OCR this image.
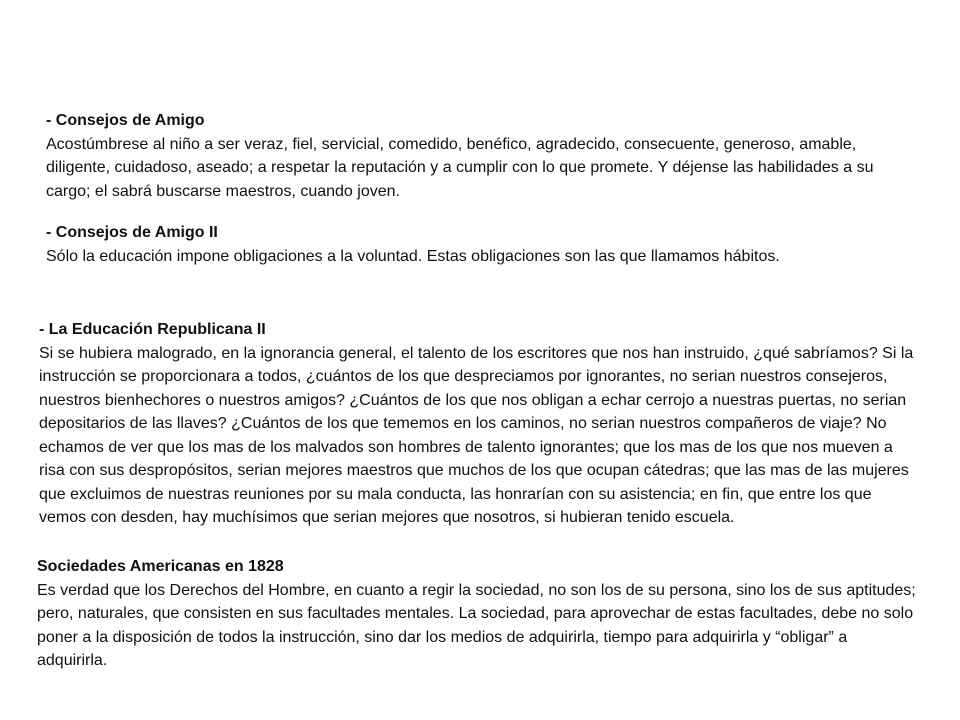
- Consejos de Amigo

Acostúmbrese al niño a ser veraz, fiel, servicial, comedido, benéfico, agradecido, consecuente, generoso, amable, diligente, cuidadoso, aseado; a respetar la reputación y a cumplir con lo que promete. Y déjense las habilidades a su cargo; el sabrá buscarse maestros, cuando joven.

- Consejos de Amigo II

Sólo la educación impone obligaciones a la voluntad. Estas obligaciones son las que llamamos hábitos.

- La Educación Republicana II

Si se hubiera malogrado, en la ignorancia general, el talento de los escritores que nos han instruido, ¿qué sabríamos? Si la instrucción se proporcionara a todos, ¿cuántos de los que despreciamos por ignorantes, no serian nuestros consejeros, nuestros bienhechores o nuestros amigos? ¿Cuántos de los que nos obligan a echar cerrojo a nuestras puertas, no serian depositarios de las llaves? ¿Cuántos de los que tememos en los caminos, no serian nuestros compañeros de viaje? No echamos de ver que los mas de los malvados son hombres de talento ignorantes; que los mas de los que nos mueven a risa con sus despropósitos, serian mejores maestros que muchos de los que ocupan cátedras; que las mas de las mujeres que excluimos de nuestras reuniones por su mala conducta, las honrarían con su asistencia; en fin, que entre los que vemos con desden, hay muchísimos que serian mejores que nosotros, si hubieran tenido escuela.

Sociedades Americanas en 1828

Es verdad que los Derechos del Hombre, en cuanto a regir la sociedad, no son los de su persona, sino los de sus aptitudes; pero, naturales, que consisten en sus facultades mentales. La sociedad, para aprovechar de estas facultades, debe no solo poner a la disposición de todos la instrucción, sino dar los medios de adquirirla, tiempo para adquirirla y “obligar” a adquirirla.
